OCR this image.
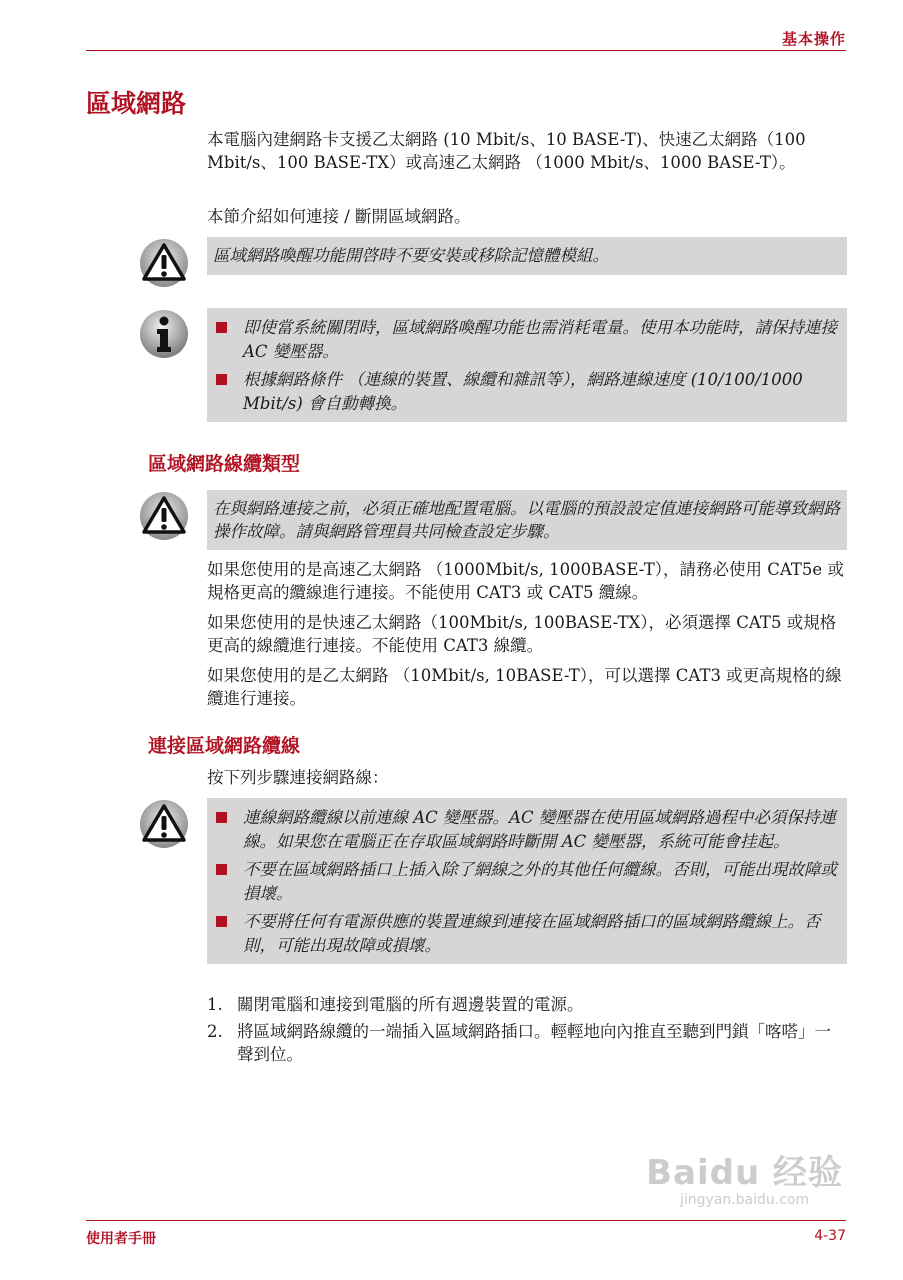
基本操作
區域網路

本電腦內建網路卡支援乙太網路 (10 Mbit/s、10 BASE-T)、快速乙太網路（100 Mbit/s、100 BASE-TX）或高速乙太網路 （1000 Mbit/s、1000 BASE-T）。

本節介紹如何連接 / 斷開區域網路。

區域網路喚醒功能開啓時不要安裝或移除記憶體模組。
即使當系統關閉時，區域網路喚醒功能也需消耗電量。使用本功能時，請保持連接 AC 變壓器。
根據網路條件 （連線的裝置、線纜和雜訊等），網路連線速度 (10/100/1000 Mbit/s) 會自動轉換。
區域網路線纜類型
在與網路連接之前，必須正確地配置電腦。以電腦的預設設定值連接網路可能導致網路操作故障。請與網路管理員共同檢查設定步驟。

如果您使用的是高速乙太網路 （1000Mbit/s, 1000BASE-T），請務必使用 CAT5e 或規格更高的纜線進行連接。不能使用 CAT3 或 CAT5 纜線。

如果您使用的是快速乙太網路（100Mbit/s, 100BASE-TX），必須選擇 CAT5 或規格更高的線纜進行連接。不能使用 CAT3 線纜。

如果您使用的是乙太網路 （10Mbit/s, 10BASE-T），可以選擇 CAT3 或更高規格的線纜進行連接。

連接區域網路纜線

按下列步驟連接網路線：

連線網路纜線以前連線 AC 變壓器。AC 變壓器在使用區域網路過程中必須保持連線。如果您在電腦正在存取區域網路時斷開 AC 變壓器，系統可能會挂起。
不要在區域網路插口上插入除了網線之外的其他任何纜線。否則，可能出現故障或損壞。
不要將任何有電源供應的裝置連線到連接在區域網路插口的區域網路纜線上。否則，可能出現故障或損壞。
1. 關閉電腦和連接到電腦的所有週邊裝置的電源。
2. 將區域網路線纜的一端插入區域網路插口。輕輕地向內推直至聽到門鎖「喀嗒」一聲到位。
Baidu 经验
jingyan.baidu.com
使用者手冊	4-37
